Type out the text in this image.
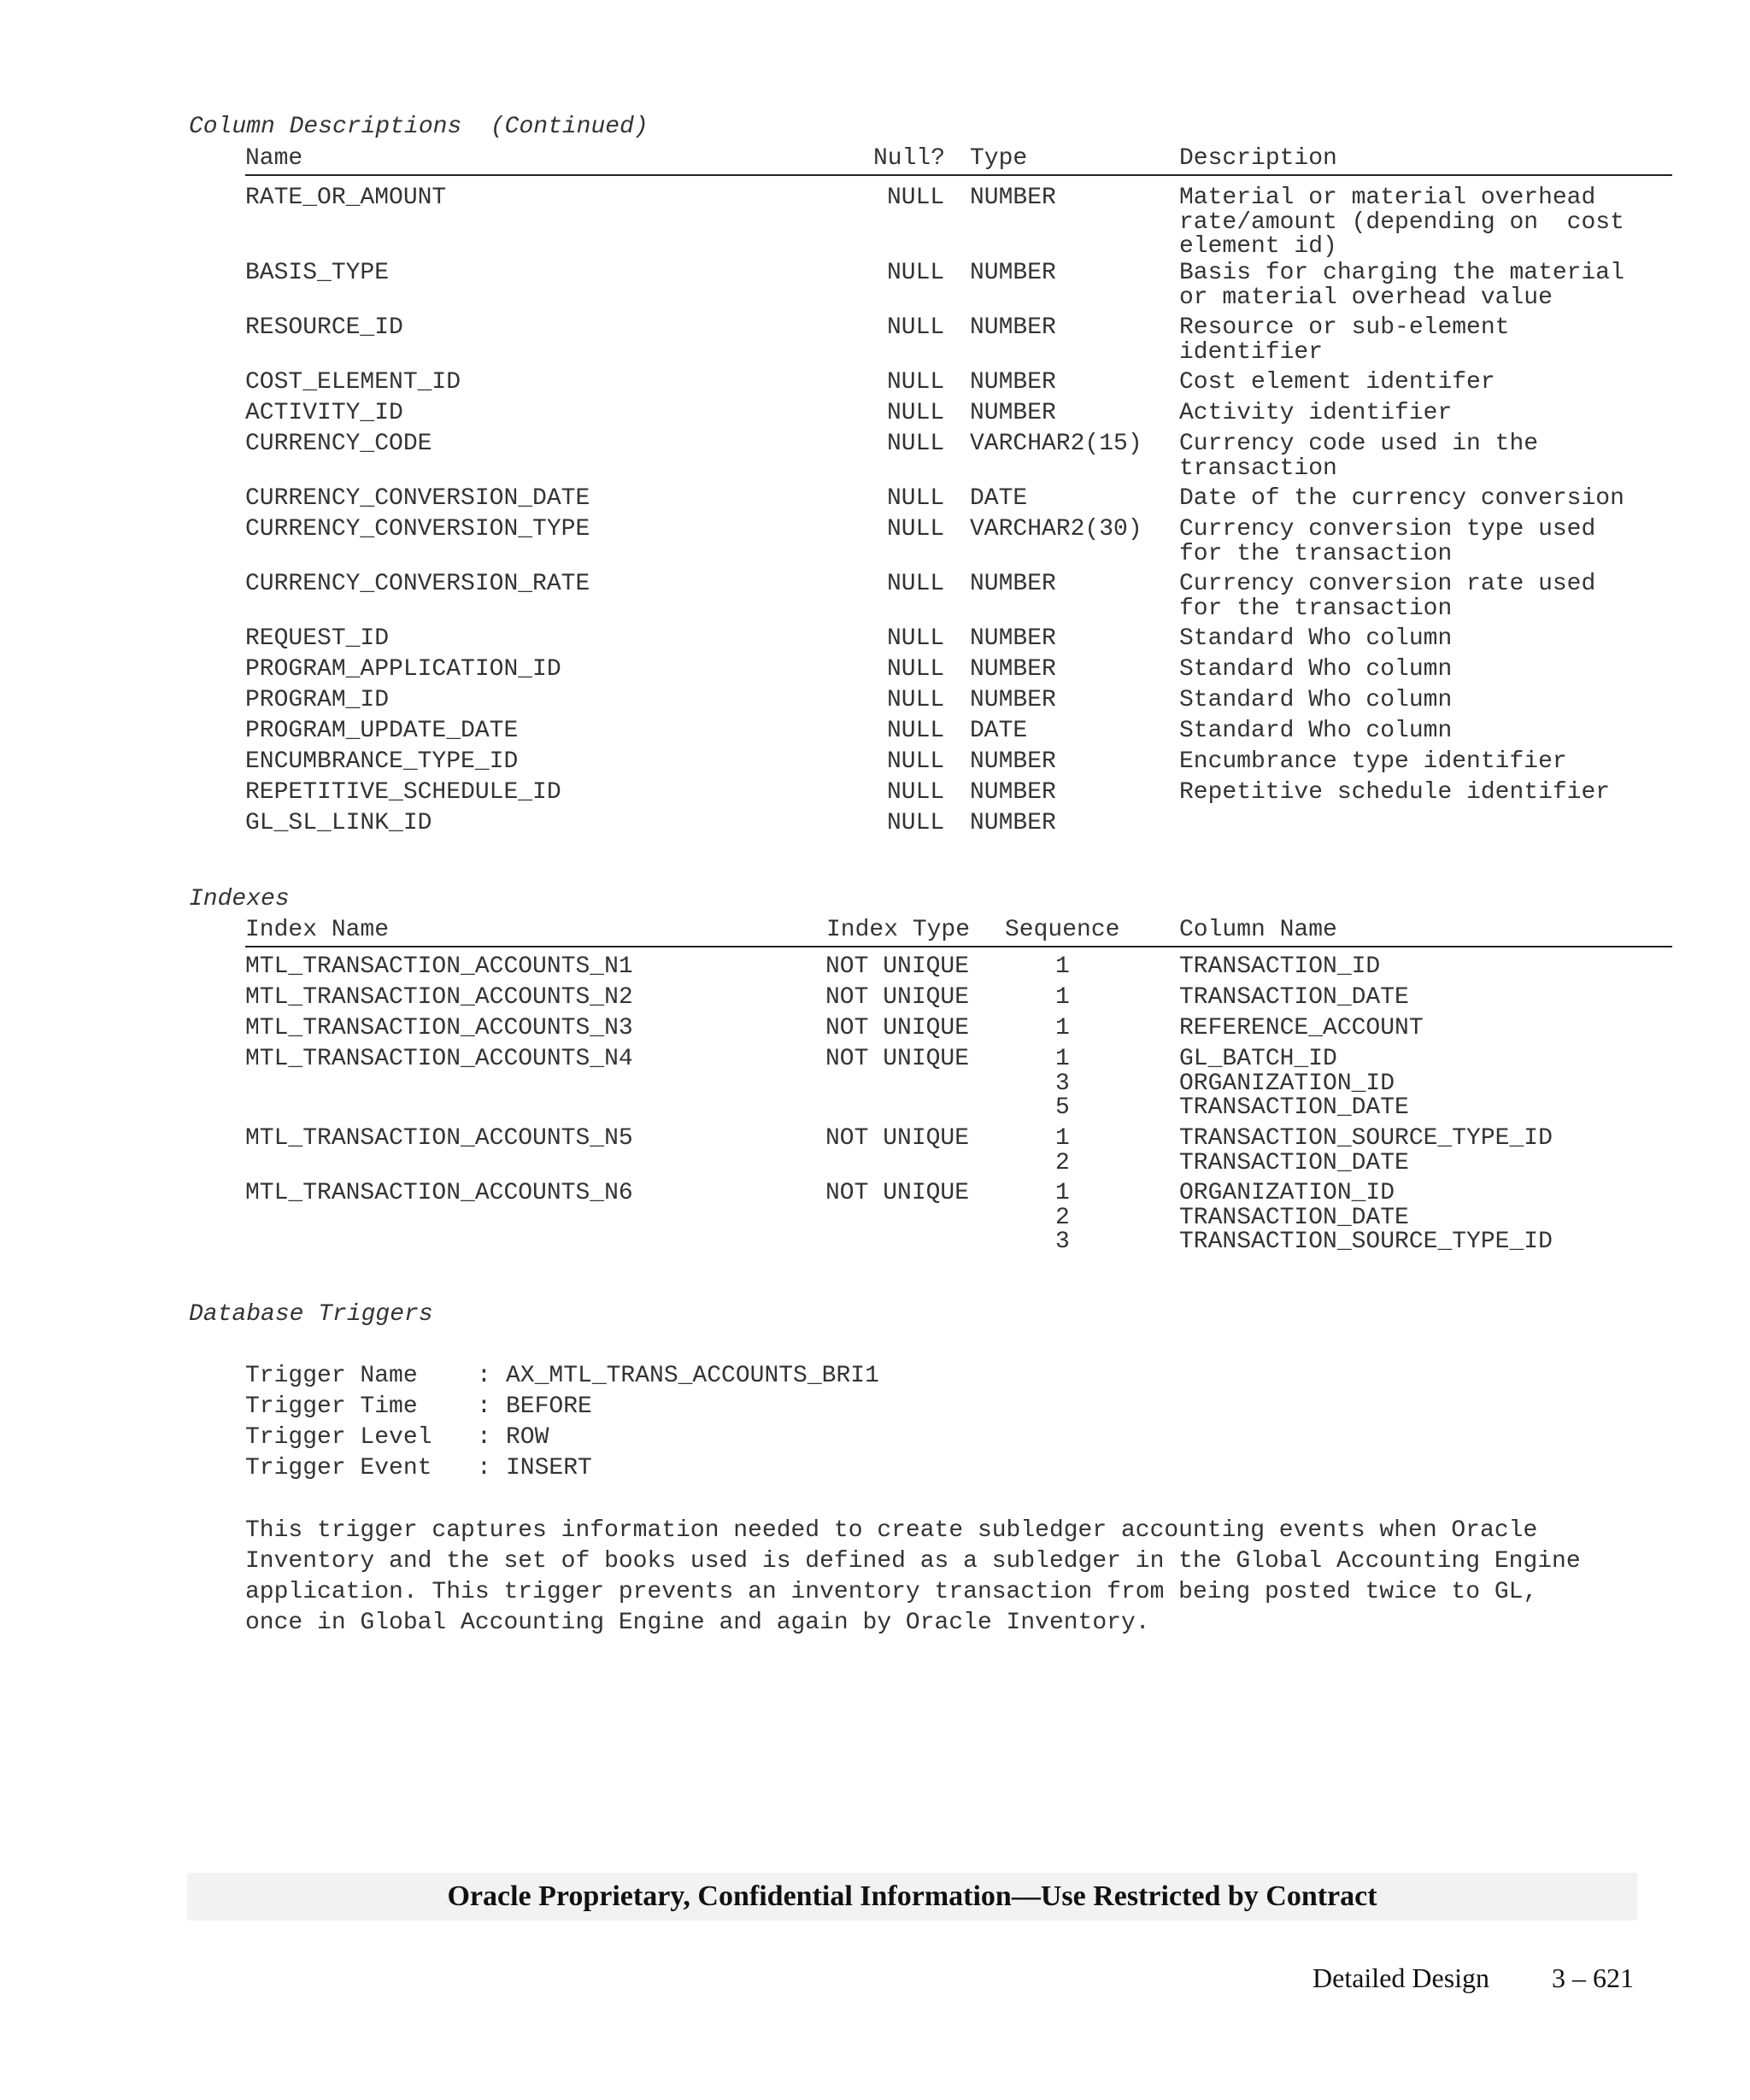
Column Descriptions  (Continued)
Name	Null? Type	Description
RATE_OR_AMOUNT	NULL NUMBER	Material or material overhead
rate/amount (depending on  cost
element id)
BASIS_TYPE	NULL NUMBER	Basis for charging the material
or material overhead value
RESOURCE_ID	NULL NUMBER	Resource or sub-element
identifier
COST_ELEMENT_ID	NULL NUMBER	Cost element identifer
ACTIVITY_ID	NULL NUMBER	Activity identifier
CURRENCY_CODE	NULL VARCHAR2(15) Currency code used in the
transaction
CURRENCY_CONVERSION_DATE	NULL DATE	Date of the currency conversion
CURRENCY_CONVERSION_TYPE	NULL VARCHAR2(30) Currency conversion type used
for the transaction
CURRENCY_CONVERSION_RATE	NULL NUMBER	Currency conversion rate used
for the transaction
REQUEST_ID	NULL NUMBER	Standard Who column
PROGRAM_APPLICATION_ID	NULL NUMBER	Standard Who column
PROGRAM_ID	NULL NUMBER	Standard Who column
PROGRAM_UPDATE_DATE	NULL DATE	Standard Who column
ENCUMBRANCE_TYPE_ID	NULL NUMBER	Encumbrance type identifier
REPETITIVE_SCHEDULE_ID	NULL NUMBER	Repetitive schedule identifier
GL_SL_LINK_ID	NULL NUMBER
Indexes
Index Name	Index Type Sequence Column Name
MTL_TRANSACTION_ACCOUNTS_N1	NOT UNIQUE	1	TRANSACTION_ID
MTL_TRANSACTION_ACCOUNTS_N2	NOT UNIQUE	1	TRANSACTION_DATE
MTL_TRANSACTION_ACCOUNTS_N3	NOT UNIQUE	1	REFERENCE_ACCOUNT
MTL_TRANSACTION_ACCOUNTS_N4	NOT UNIQUE	1	GL_BATCH_ID
3	ORGANIZATION_ID
5	TRANSACTION_DATE
MTL_TRANSACTION_ACCOUNTS_N5	NOT UNIQUE	1	TRANSACTION_SOURCE_TYPE_ID
2	TRANSACTION_DATE
MTL_TRANSACTION_ACCOUNTS_N6	NOT UNIQUE	1	ORGANIZATION_ID
2	TRANSACTION_DATE
3	TRANSACTION_SOURCE_TYPE_ID
Database Triggers
Trigger Name : AX_MTL_TRANS_ACCOUNTS_BRI1
Trigger Time : BEFORE
Trigger Level : ROW
Trigger Event : INSERT
This trigger captures information needed to create subledger accounting events when Oracle
Inventory and the set of books used is defined as a subledger in the Global Accounting Engine
application. This trigger prevents an inventory transaction from being posted twice to GL,
once in Global Accounting Engine and again by Oracle Inventory.
Oracle Proprietary, Confidential Information––Use Restricted by Contract
Detailed Design 3 – 621
